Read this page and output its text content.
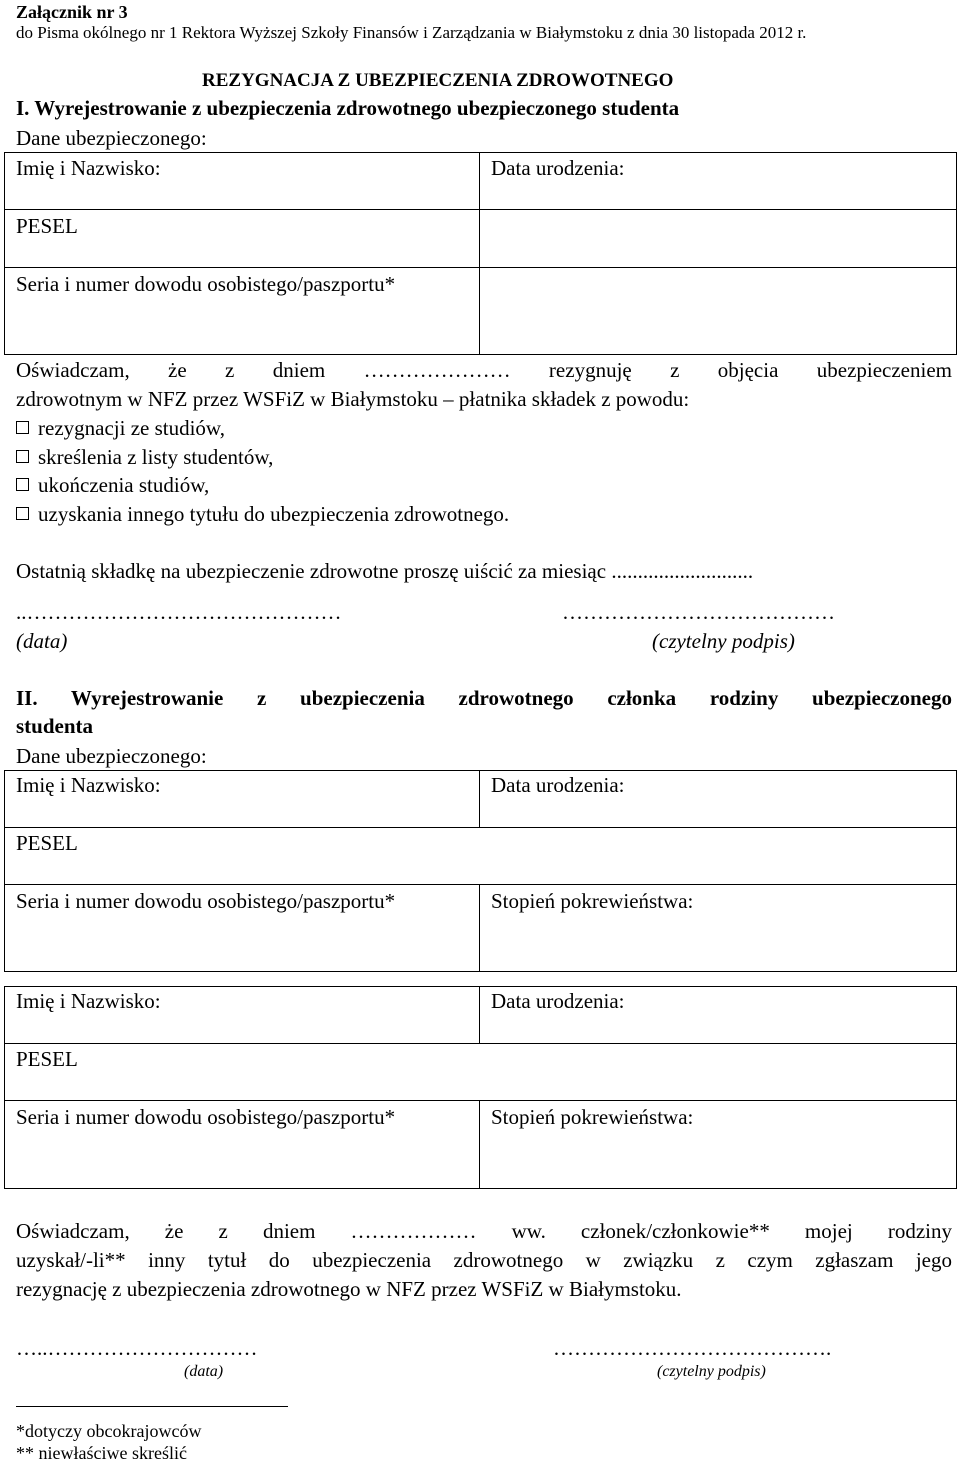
Załącznik nr 3
do Pisma okólnego nr 1 Rektora Wyższej Szkoły Finansów i Zarządzania w Białymstoku z dnia 30 listopada 2012 r.
REZYGNACJA Z UBEZPIECZENIA ZDROWOTNEGO
I. Wyrejestrowanie z ubezpieczenia zdrowotnego ubezpieczonego studenta
Dane ubezpieczonego:
Imię i Nazwisko:	Data urodzenia:
PESEL
Seria i numer dowodu osobistego/paszportu*
Oświadczam, że z dniem ………………… rezygnuję z objęcia ubezpieczeniem
zdrowotnym w NFZ przez WSFiZ w Białymstoku – płatnika składek z powodu:
rezygnacji ze studiów,
skreślenia z listy studentów,
ukończenia studiów,
uzyskania innego tytułu do ubezpieczenia zdrowotnego.
Ostatnią składkę na ubezpieczenie zdrowotne proszę uiścić za miesiąc ...........................
..………………………………………	…………………………………
(data)	(czytelny podpis)
II. Wyrejestrowanie z ubezpieczenia zdrowotnego członka rodziny ubezpieczonego
studenta
Dane ubezpieczonego:
Imię i Nazwisko:	Data urodzenia:
PESEL
Seria i numer dowodu osobistego/paszportu*	Stopień pokrewieństwa:
Imię i Nazwisko:	Data urodzenia:
PESEL
Seria i numer dowodu osobistego/paszportu*	Stopień pokrewieństwa:
Oświadczam, że z dniem ……………… ww. członek/członkowie** mojej rodziny
uzyskał/-li** inny tytuł do ubezpieczenia zdrowotnego w związku z czym zgłaszam jego
rezygnację z ubezpieczenia zdrowotnego w NFZ przez WSFiZ w Białymstoku.
…..…………………………	………………………………….
(data)	(czytelny podpis)
*dotyczy obcokrajowców
** niewłaściwe skreślić
